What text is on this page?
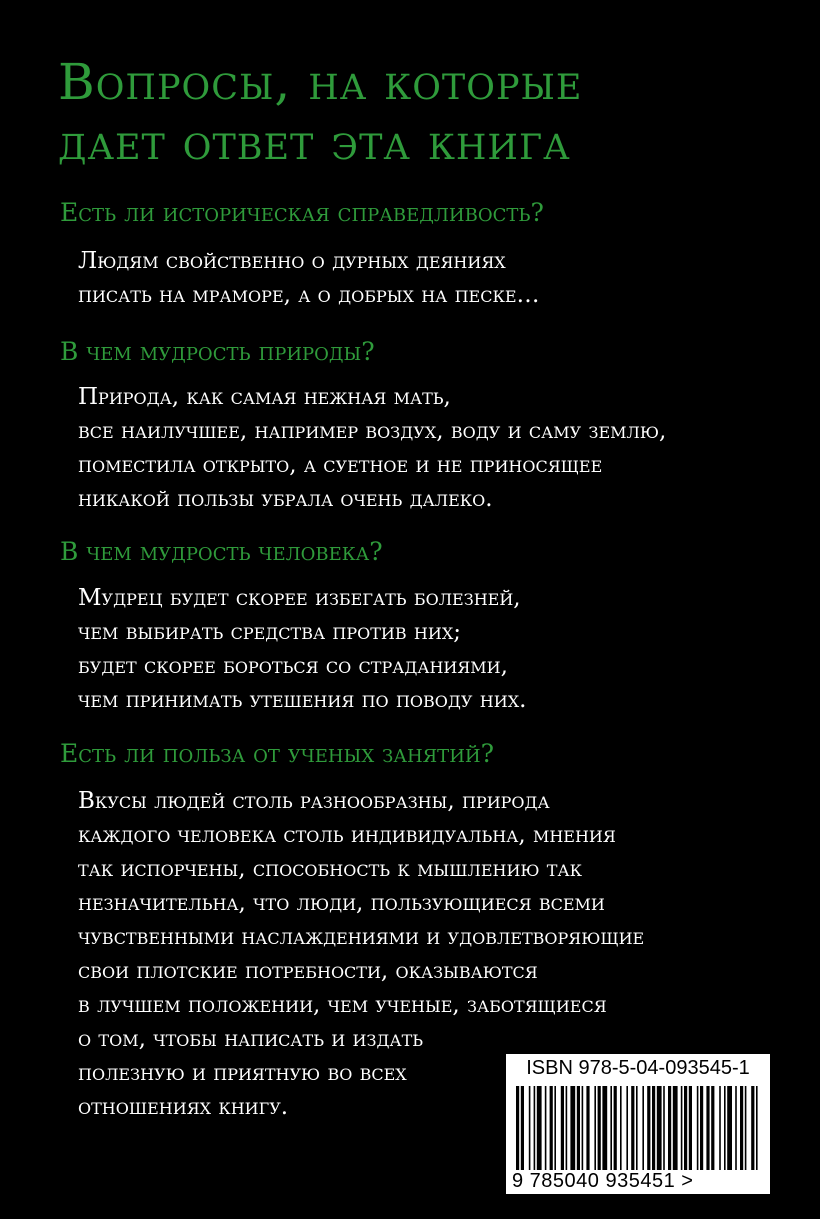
Вопросы, на которые
дает ответ эта книга
Есть ли историческая справедливость?
Людям свойственно о дурных деяниях
писать на мраморе, а о добрых на песке…
В чем мудрость природы?
Природа, как самая нежная мать,
все наилучшее, например воздух, воду и саму землю,
поместила открыто, а суетное и не приносящее
никакой пользы убрала очень далеко.
В чем мудрость человека?
Мудрец будет скорее избегать болезней,
чем выбирать средства против них;
будет скорее бороться со страданиями,
чем принимать утешения по поводу них.
Есть ли польза от ученых занятий?
Вкусы людей столь разнообразны, природа
каждого человека столь индивидуальна, мнения
так испорчены, способность к мышлению так
незначительна, что люди, пользующиеся всеми
чувственными наслаждениями и удовлетворяющие
свои плотские потребности, оказываются
в лучшем положении, чем ученые, заботящиеся
о том, чтобы написать и издать
полезную и приятную во всех
отношениях книгу.
ISBN 978-5-04-093545-1
9 785040 935451 >
